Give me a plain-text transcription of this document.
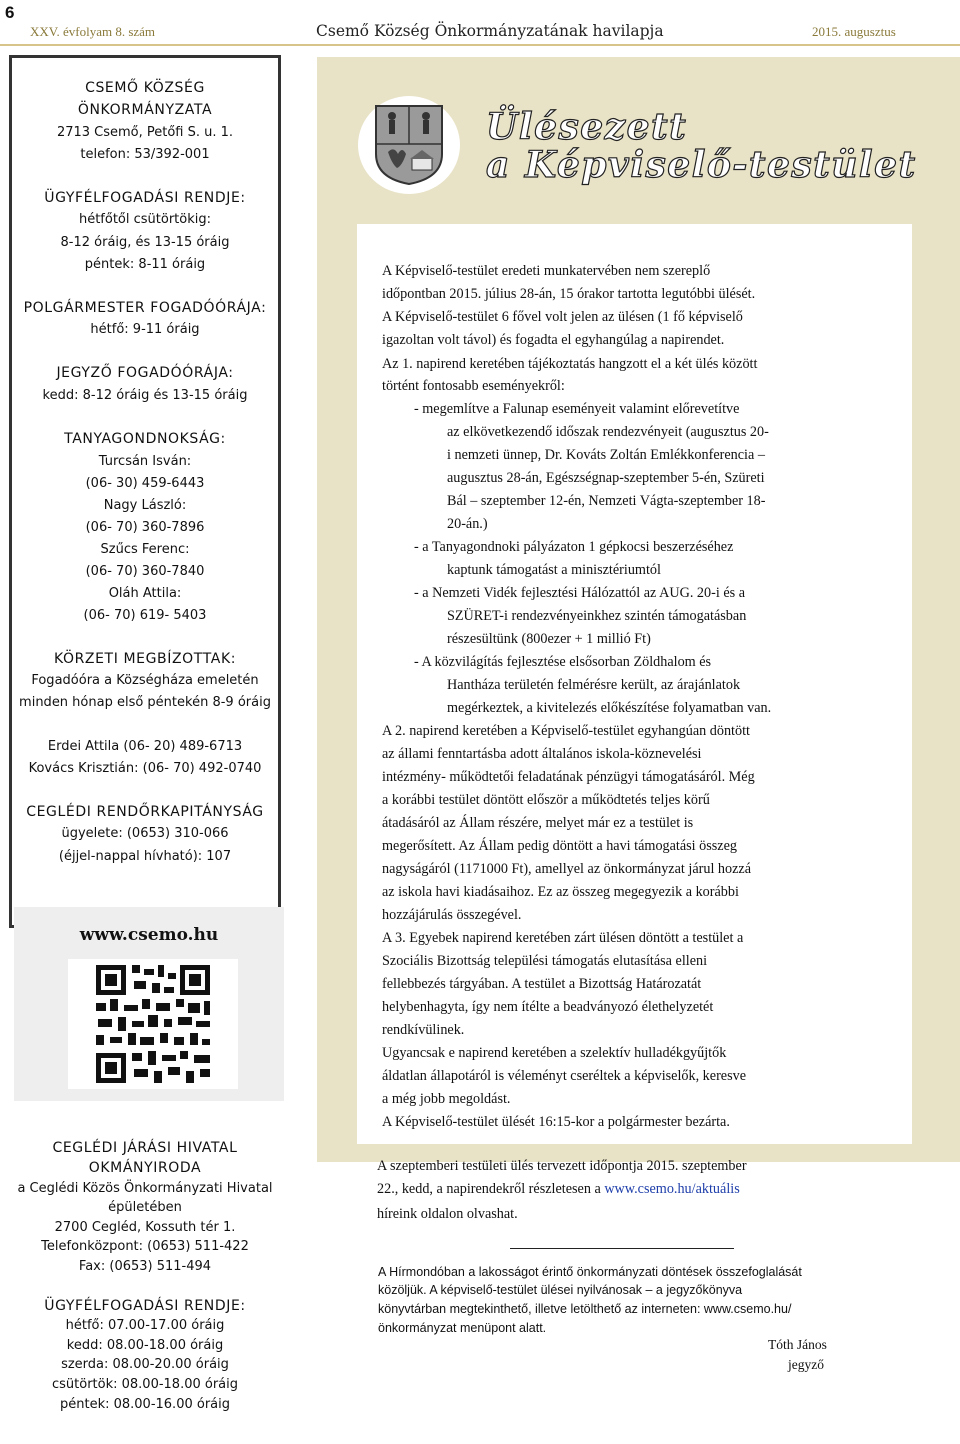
6
XXV. évfolyam 8. szám	Csemő Község Önkormányzatának havilapja	2015. augusztus
CSEMŐ KÖZSÉG
ÖNKORMÁNYZATA
2713 Csemő, Petőfi S. u. 1.
telefon: 53/392-001
ÜGYFÉLFOGADÁSI RENDJE:
hétfőtől csütörtökig:
8-12 óráig, és 13-15 óráig
péntek: 8-11 óráig
POLGÁRMESTER FOGADÓÓRÁJA:
hétfő: 9-11 óráig
JEGYZŐ FOGADÓÓRÁJA:
kedd: 8-12 óráig és 13-15 óráig
TANYAGONDNOKSÁG:
Turcsán Isván:
(06- 30) 459-6443
Nagy László:
(06- 70) 360-7896
Szűcs Ferenc:
(06- 70) 360-7840
Oláh Attila:
(06- 70) 619- 5403
KÖRZETI MEGBÍZOTTAK:
Fogadóóra a Községháza emeletén
minden hónap első péntekén 8-9 óráig
Erdei Attila (06- 20) 489-6713
Kovács Krisztián: (06- 70) 492-0740
CEGLÉDI RENDŐRKAPITÁNYSÁG
ügyelete: (0653) 310-066
(éjjel-nappal hívható): 107
www.csemo.hu
CEGLÉDI JÁRÁSI HIVATAL
OKMÁNYIRODA
a Ceglédi Közös Önkormányzati Hivatal
épületében
2700 Cegléd, Kossuth tér 1.
Telefonközpont: (0653) 511-422
Fax: (0653) 511-494
ÜGYFÉLFOGADÁSI RENDJE:
hétfő: 07.00-17.00 óráig
kedd: 08.00-18.00 óráig
szerda: 08.00-20.00 óráig
csütörtök: 08.00-18.00 óráig
péntek: 08.00-16.00 óráig
Ülésezett
a Képviselő-testület
A Képviselő-testület eredeti munkatervében nem szereplő
időpontban 2015. július 28-án, 15 órakor tartotta legutóbbi ülését.
A Képviselő-testület 6 fővel volt jelen az ülésen (1 fő képviselő
igazoltan volt távol) és fogadta el egyhangúlag a napirendet.
Az 1. napirend keretében tájékoztatás hangzott el a két ülés között
történt fontosabb eseményekről:
- megemlítve a Falunap eseményeit valamint előrevetítve
az elkövetkezendő időszak rendezvényeit (augusztus 20-
i nemzeti ünnep, Dr. Kováts Zoltán Emlékkonferencia –
augusztus 28-án, Egészségnap-szeptember 5-én, Szüreti
Bál – szeptember 12-én, Nemzeti Vágta-szeptember 18-
20-án.)
- a Tanyagondnoki pályázaton 1 gépkocsi beszerzéséhez
kaptunk támogatást a minisztériumtól
- a Nemzeti Vidék fejlesztési Hálózattól az AUG. 20-i és a
SZÜRET-i rendezvényeinkhez szintén támogatásban
részesültünk (800ezer + 1 millió Ft)
- A közvilágítás fejlesztése elsősorban Zöldhalom és
Hantháza területén felmérésre került, az árajánlatok
megérkeztek, a kivitelezés előkészítése folyamatban van.
A 2. napirend keretében a Képviselő-testület egyhangúan döntött
az állami fenntartásba adott általános iskola-köznevelési
intézmény- működtetői feladatának pénzügyi támogatásáról. Még
a korábbi testület döntött először a működtetés teljes körű
átadásáról az Állam részére, melyet már ez a testület is
megerősített. Az Állam pedig döntött a havi támogatási összeg
nagyságáról (1171000 Ft), amellyel az önkormányzat járul hozzá
az iskola havi kiadásaihoz. Ez az összeg megegyezik a korábbi
hozzájárulás összegével.
A 3. Egyebek napirend keretében zárt ülésen döntött a testület a
Szociális Bizottság települési támogatás elutasítása elleni
fellebbezés tárgyában. A testület a Bizottság Határozatát
helybenhagyta, így nem ítélte a beadványozó élethelyzetét
rendkívülinek.
Ugyancsak e napirend keretében a szelektív hulladékgyűjtők
áldatlan állapotáról is véleményt cseréltek a képviselők, keresve
a még jobb megoldást.
A Képviselő-testület ülését 16:15-kor a polgármester bezárta.
A szeptemberi testületi ülés tervezett időpontja 2015. szeptember
22., kedd, a napirendekről részletesen a www.csemo.hu/aktuális
híreink oldalon olvashat.
A Hírmondóban a lakosságot érintő önkormányzati döntések összefoglalását
közöljük. A képviselő-testület ülései nyilvánosak – a jegyzőkönyva
könyvtárban megtekinthető, illetve letölthető az interneten: www.csemo.hu/
önkormányzat menüpont alatt.
Tóth János
jegyző
